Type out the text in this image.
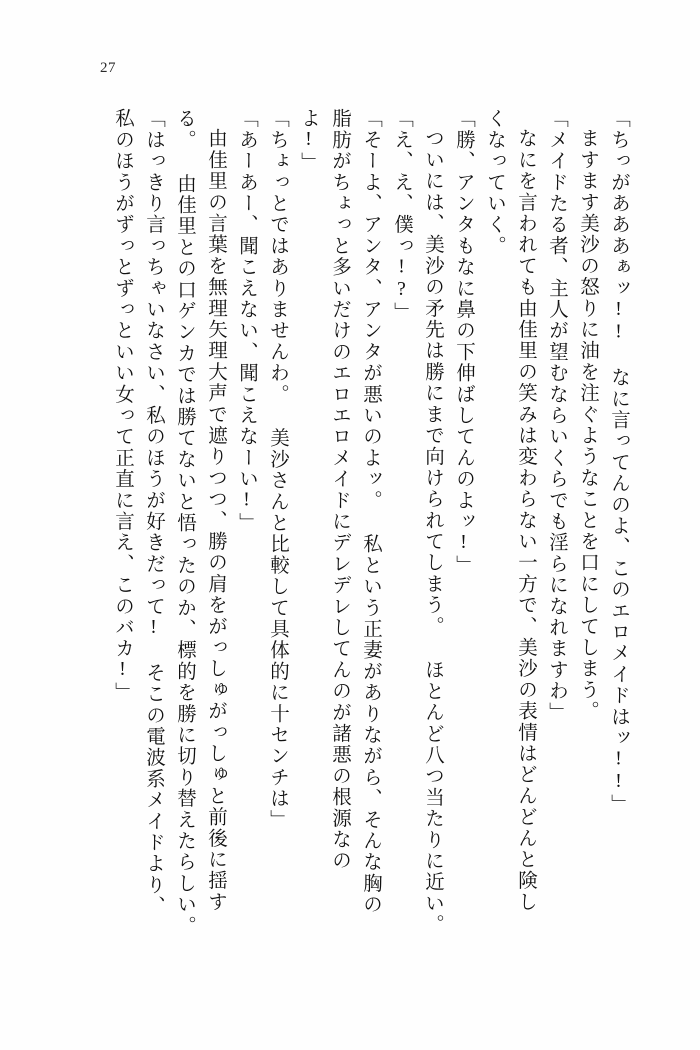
27
「ちっがあああぁッ!! なに言ってんのよ、このエロメイドはッ!!」
ますます美沙の怒りに油を注ぐようなことを口にしてしまう。
「メイドたる者、主人が望むならいくらでも淫らになれますわ」
なにを言われても由佳里の笑みは変わらない一方で、美沙の表情はどんどんと険し
くなっていく。
「勝、アンタもなに鼻の下伸ばしてんのよッ!」
ついには、美沙の矛先は勝にまで向けられてしまう。 ほとんど八つ当たりに近い。
「え、え、僕っ!?」
「そーよ、アンタ、アンタが悪いのよッ。 私という正妻がありながら、そんな胸の
脂肪がちょっと多いだけのエロエロメイドにデレデレしてんのが諸悪の根源なの
よ!」
「ちょっとではありませんわ。 美沙さんと比較して具体的に十センチは」
「あーあー、聞こえない、聞こえなーい!」
由佳里の言葉を無理矢理大声で遮りつつ、勝の肩をがっしゅがっしゅと前後に揺す
る。 由佳里との口ゲンカでは勝てないと悟ったのか、標的を勝に切り替えたらしい。
「はっきり言っちゃいなさい、私のほうが好きだって! そこの電波系メイドより、
私のほうがずっとずっといい女って正直に言え、このバカ!」
